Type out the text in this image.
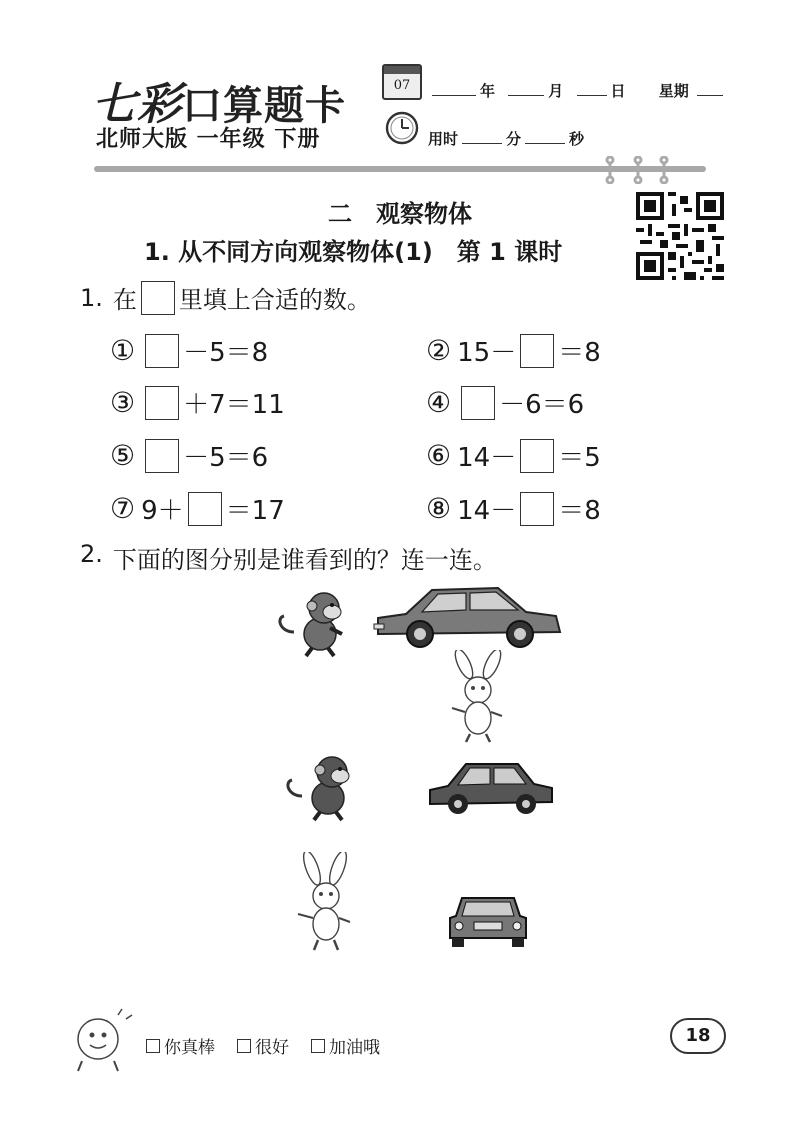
七彩口算题卡
北师大版 一年级 下册
07	年	月	日 星期
用时	分	秒
二　观察物体
1. 从不同方向观察物体(1)　第 1 课时
1. 在 里填上合适的数。
① －5＝8	② 15－ ＝8
③ ＋7＝11	④ －6＝6
⑤ －5＝6	⑥ 14－ ＝5
⑦ 9＋ ＝17	⑧ 14－ ＝8
2. 下面的图分别是谁看到的？连一连。
你真棒 很好 加油哦
18
